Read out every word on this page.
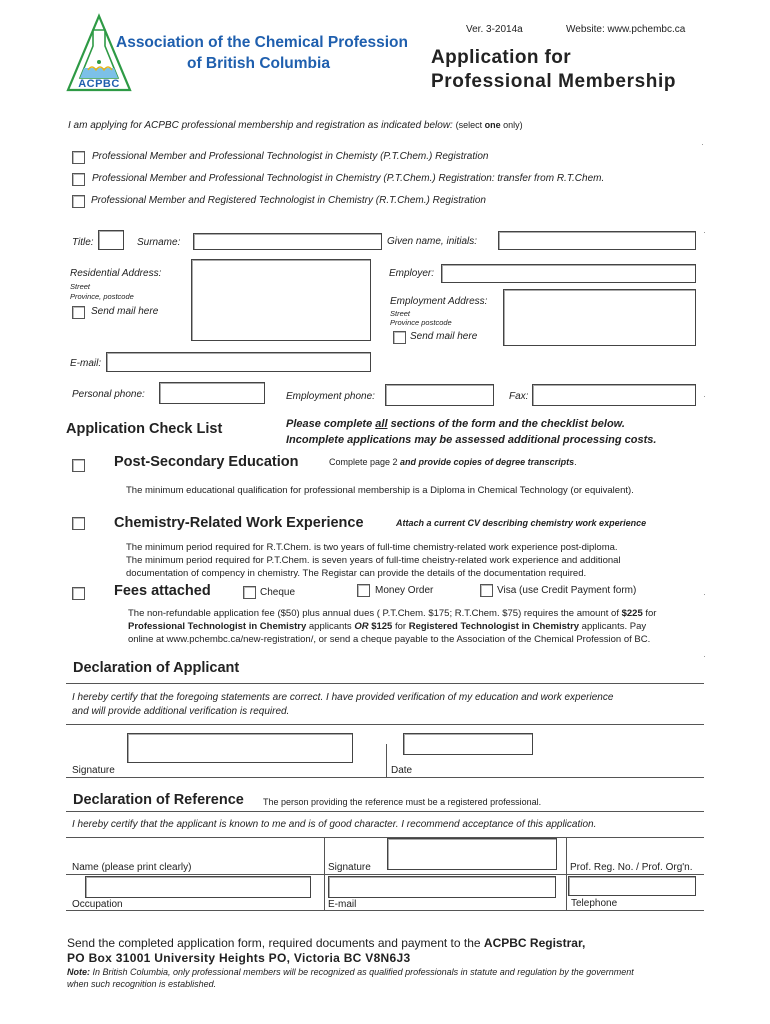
ACPBC
Association of the Chemical Profession
of British Columbia
Ver. 3-2014a	Website: www.pchembc.ca
Application for
Professional Membership
I am applying for ACPBC professional membership and registration as indicated below: (select one only)
Professional Member and Professional Technologist in Chemisty (P.T.Chem.) Registration
Professional Member and Professional Technologist in Chemistry (P.T.Chem.) Registration: transfer from R.T.Chem.
Professional Member and Registered Technologist in Chemistry (R.T.Chem.) Registration
Title:	Surname:	Given name, initials:
Residential Address:
Street
Province, postcode
Send mail here
Employer:
Employment Address:
Street
Province postcode
Send mail here
E-mail:
Personal phone:	Employment phone:	Fax:
Application Check List	Please complete all sections of the form and the checklist below.
Incomplete applications may be assessed additional processing costs.
Post-Secondary Education	Complete page 2 and provide copies of degree transcripts.
The minimum educational qualification for professional membership is a Diploma in Chemical Technology (or equivalent).
Chemistry-Related Work Experience	Attach a current CV describing chemistry work experience
The minimum period required for R.T.Chem. is two years of full-time chemistry-related work experience post-diploma.
The minimum period required for P.T.Chem. is seven years of full-time cheistry-related work experience and additional
documentation of compency in chemistry. The Registar can provide the details of the documentation required.
Fees attached	Cheque	Money Order	Visa (use Credit Payment form)
The non-refundable application fee ($50) plus annual dues ( P.T.Chem. $175; R.T.Chem. $75) requires the amount of $225 for
Professional Technologist in Chemistry applicants OR $125 for Registered Technologist in Chemistry applicants. Pay
online at www.pchembc.ca/new-registration/, or send a cheque payable to the Association of the Chemical Profession of BC.
Declaration of Applicant
I hereby certify that the foregoing statements are correct. I have provided verification of my education and work experience
and will provide additional verification is required.
Signature	Date
Declaration of Reference The person providing the reference must be a registered professional.
I hereby certify that the applicant is known to me and is of good character. I recommend acceptance of this application.
Name (please print clearly)	Signature	Prof. Reg. No. / Prof. Org'n.
Occupation	E-mail	Telephone
Send the completed application form, required documents and payment to the ACPBC Registrar,
PO Box 31001 University Heights PO, Victoria BC V8N6J3
Note: In British Columbia, only professional members will be recognized as qualified professionals in statute and regulation by the government
when such recognition is established.
